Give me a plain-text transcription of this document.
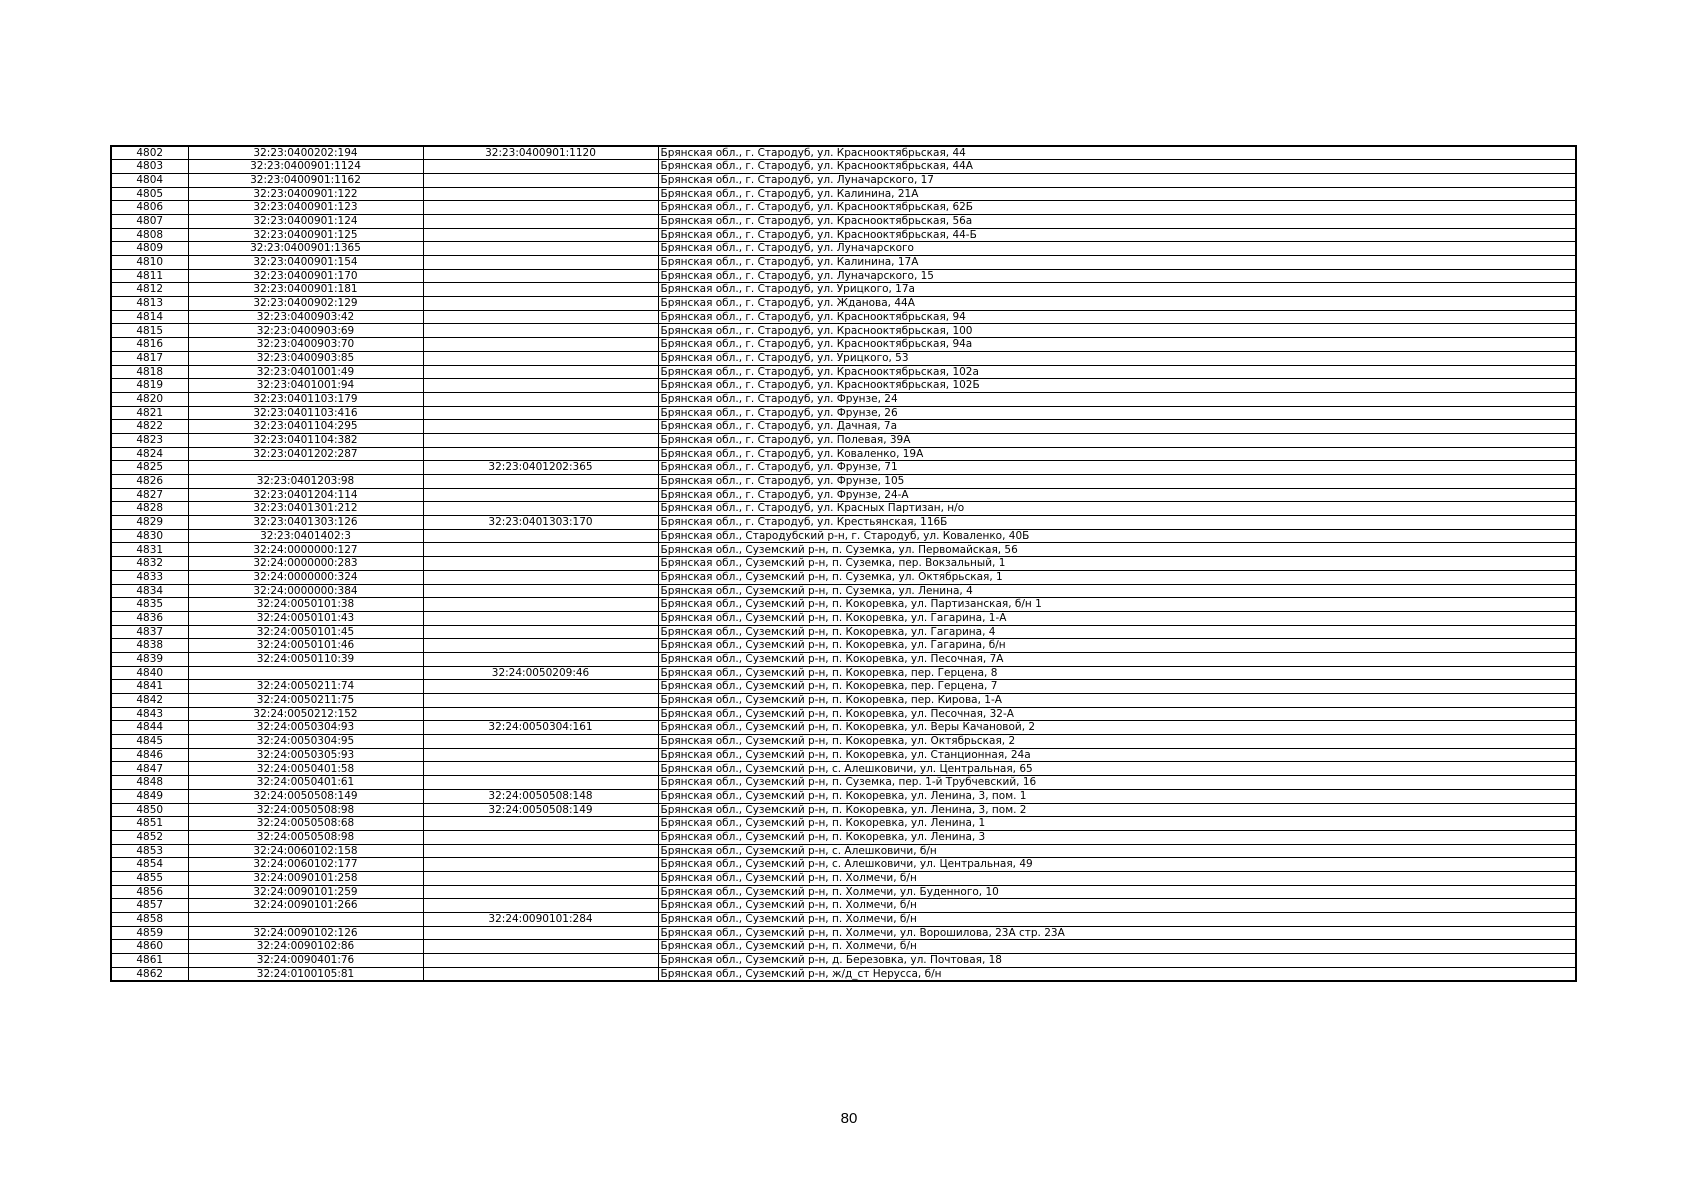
4802	32:23:0400202:194	32:23:0400901:1120	Брянская обл., г. Стародуб, ул. Краснооктябрьская, 44
4803	32:23:0400901:1124		Брянская обл., г. Стародуб, ул. Краснооктябрьская, 44А
4804	32:23:0400901:1162		Брянская обл., г. Стародуб, ул. Луначарского, 17
4805	32:23:0400901:122		Брянская обл., г. Стародуб, ул. Калинина, 21А
4806	32:23:0400901:123		Брянская обл., г. Стародуб, ул. Краснооктябрьская, 62Б
4807	32:23:0400901:124		Брянская обл., г. Стародуб, ул. Краснооктябрьская, 56а
4808	32:23:0400901:125		Брянская обл., г. Стародуб, ул. Краснооктябрьская, 44-Б
4809	32:23:0400901:1365		Брянская обл., г. Стародуб, ул. Луначарского
4810	32:23:0400901:154		Брянская обл., г. Стародуб, ул. Калинина, 17А
4811	32:23:0400901:170		Брянская обл., г. Стародуб, ул. Луначарского, 15
4812	32:23:0400901:181		Брянская обл., г. Стародуб, ул. Урицкого, 17а
4813	32:23:0400902:129		Брянская обл., г. Стародуб, ул. Жданова, 44А
4814	32:23:0400903:42		Брянская обл., г. Стародуб, ул. Краснооктябрьская, 94
4815	32:23:0400903:69		Брянская обл., г. Стародуб, ул. Краснооктябрьская, 100
4816	32:23:0400903:70		Брянская обл., г. Стародуб, ул. Краснооктябрьская, 94а
4817	32:23:0400903:85		Брянская обл., г. Стародуб, ул. Урицкого, 53
4818	32:23:0401001:49		Брянская обл., г. Стародуб, ул. Краснооктябрьская, 102а
4819	32:23:0401001:94		Брянская обл., г. Стародуб, ул. Краснооктябрьская, 102Б
4820	32:23:0401103:179		Брянская обл., г. Стародуб, ул. Фрунзе, 24
4821	32:23:0401103:416		Брянская обл., г. Стародуб, ул. Фрунзе, 26
4822	32:23:0401104:295		Брянская обл., г. Стародуб, ул. Дачная, 7а
4823	32:23:0401104:382		Брянская обл., г. Стародуб, ул. Полевая, 39А
4824	32:23:0401202:287		Брянская обл., г. Стародуб, ул. Коваленко, 19А
4825		32:23:0401202:365	Брянская обл., г. Стародуб, ул. Фрунзе, 71
4826	32:23:0401203:98		Брянская обл., г. Стародуб, ул. Фрунзе, 105
4827	32:23:0401204:114		Брянская обл., г. Стародуб, ул. Фрунзе, 24-А
4828	32:23:0401301:212		Брянская обл., г. Стародуб, ул. Красных Партизан, н/о
4829	32:23:0401303:126	32:23:0401303:170	Брянская обл., г. Стародуб, ул. Крестьянская, 116Б
4830	32:23:0401402:3		Брянская обл., Стародубский р-н, г. Стародуб, ул. Коваленко, 40Б
4831	32:24:0000000:127		Брянская обл., Суземский р-н, п. Суземка, ул. Первомайская, 56
4832	32:24:0000000:283		Брянская обл., Суземский р-н, п. Суземка, пер. Вокзальный, 1
4833	32:24:0000000:324		Брянская обл., Суземский р-н, п. Суземка, ул. Октябрьская, 1
4834	32:24:0000000:384		Брянская обл., Суземский р-н, п. Суземка, ул. Ленина, 4
4835	32:24:0050101:38		Брянская обл., Суземский р-н, п. Кокоревка, ул. Партизанская, б/н 1
4836	32:24:0050101:43		Брянская обл., Суземский р-н, п. Кокоревка, ул. Гагарина, 1-А
4837	32:24:0050101:45		Брянская обл., Суземский р-н, п. Кокоревка, ул. Гагарина, 4
4838	32:24:0050101:46		Брянская обл., Суземский р-н, п. Кокоревка, ул. Гагарина, б/н
4839	32:24:0050110:39		Брянская обл., Суземский р-н, п. Кокоревка, ул. Песочная, 7А
4840		32:24:0050209:46	Брянская обл., Суземский р-н, п. Кокоревка, пер. Герцена, 8
4841	32:24:0050211:74		Брянская обл., Суземский р-н, п. Кокоревка, пер. Герцена, 7
4842	32:24:0050211:75		Брянская обл., Суземский р-н, п. Кокоревка, пер. Кирова, 1-А
4843	32:24:0050212:152		Брянская обл., Суземский р-н, п. Кокоревка, ул. Песочная, 32-А
4844	32:24:0050304:93	32:24:0050304:161	Брянская обл., Суземский р-н, п. Кокоревка, ул. Веры Качановой, 2
4845	32:24:0050304:95		Брянская обл., Суземский р-н, п. Кокоревка, ул. Октябрьская, 2
4846	32:24:0050305:93		Брянская обл., Суземский р-н, п. Кокоревка, ул. Станционная, 24а
4847	32:24:0050401:58		Брянская обл., Суземский р-н, с. Алешковичи, ул. Центральная, 65
4848	32:24:0050401:61		Брянская обл., Суземский р-н, п. Суземка, пер. 1-й Трубчевский, 16
4849	32:24:0050508:149	32:24:0050508:148	Брянская обл., Суземский р-н, п. Кокоревка, ул. Ленина, 3, пом. 1
4850	32:24:0050508:98	32:24:0050508:149	Брянская обл., Суземский р-н, п. Кокоревка, ул. Ленина, 3, пом. 2
4851	32:24:0050508:68		Брянская обл., Суземский р-н, п. Кокоревка, ул. Ленина, 1
4852	32:24:0050508:98		Брянская обл., Суземский р-н, п. Кокоревка, ул. Ленина, 3
4853	32:24:0060102:158		Брянская обл., Суземский р-н, с. Алешковичи, б/н
4854	32:24:0060102:177		Брянская обл., Суземский р-н, с. Алешковичи, ул. Центральная, 49
4855	32:24:0090101:258		Брянская обл., Суземский р-н, п. Холмечи, б/н
4856	32:24:0090101:259		Брянская обл., Суземский р-н, п. Холмечи, ул. Буденного, 10
4857	32:24:0090101:266		Брянская обл., Суземский р-н, п. Холмечи, б/н
4858		32:24:0090101:284	Брянская обл., Суземский р-н, п. Холмечи, б/н
4859	32:24:0090102:126		Брянская обл., Суземский р-н, п. Холмечи, ул. Ворошилова, 23А стр. 23А
4860	32:24:0090102:86		Брянская обл., Суземский р-н, п. Холмечи, б/н
4861	32:24:0090401:76		Брянская обл., Суземский р-н, д. Березовка, ул. Почтовая, 18
4862	32:24:0100105:81		Брянская обл., Суземский р-н, ж/д_ст Нерусса, б/н
80
